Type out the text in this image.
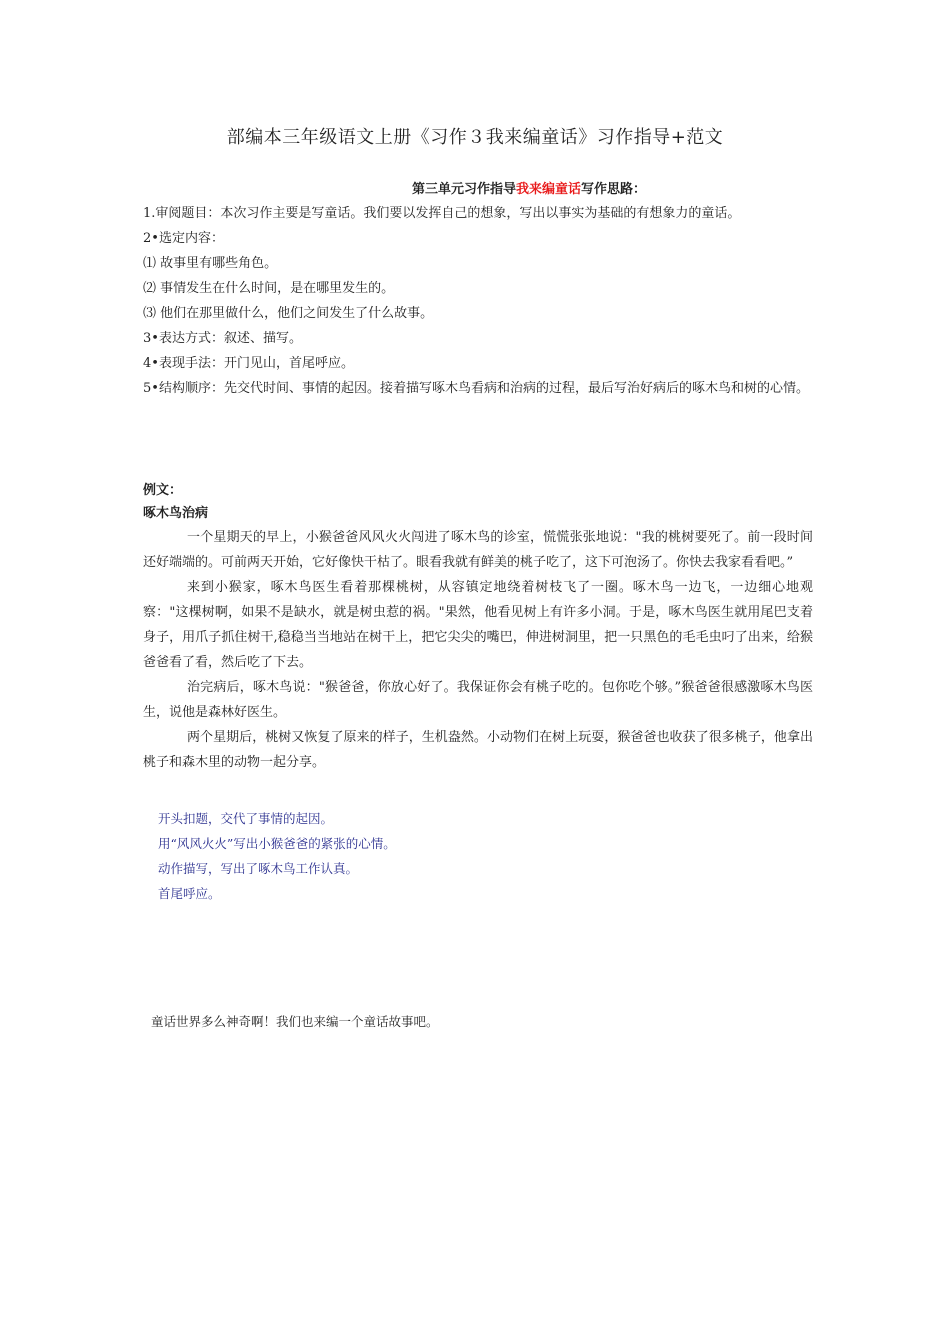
部编本三年级语文上册《习作３我来编童话》习作指导+范文
第三单元习作指导我来编童话写作思路：

1.审阅题目：本次习作主要是写童话。我们要以发挥自己的想象，写出以事实为基础的有想象力的童话。

2•选定内容：

⑴ 故事里有哪些角色。

⑵ 事情发生在什么时间，是在哪里发生的。

⑶ 他们在那里做什么，他们之间发生了什么故事。

3•表达方式：叙述、描写。

4•表现手法：开门见山，首尾呼应。

5•结构顺序：先交代时间、事情的起因。接着描写啄木鸟看病和治病的过程，最后写治好病后的啄木鸟和树的心情。

例文：
啄木鸟治病

一个星期天的早上，小猴爸爸风风火火闯进了啄木鸟的诊室，慌慌张张地说："我的桃树要死了。前一段时间还好端端的。可前两天开始，它好像快干枯了。眼看我就有鲜美的桃子吃了，这下可泡汤了。你快去我家看看吧。”

来到小猴家，啄木鸟医生看着那棵桃树，从容镇定地绕着树枝飞了一圈。啄木鸟一边飞，一边细心地观察："这棵树啊，如果不是缺水，就是树虫惹的祸。"果然，他看见树上有许多小洞。于是，啄木鸟医生就用尾巴支着身子，用爪子抓住树干,稳稳当当地站在树干上，把它尖尖的嘴巴，伸进树洞里，把一只黑色的毛毛虫叼了出来，给猴爸爸看了看，然后吃了下去。

治完病后，啄木鸟说："猴爸爸，你放心好了。我保证你会有桃子吃的。包你吃个够。”猴爸爸很感激啄木鸟医生，说他是森林好医生。

两个星期后，桃树又恢复了原来的样子，生机盎然。小动物们在树上玩耍，猴爸爸也收获了很多桃子，他拿出桃子和森木里的动物一起分享。

开头扣题，交代了事情的起因。

用“风风火火”写出小猴爸爸的紧张的心情。

动作描写，写出了啄木鸟工作认真。

首尾呼应。

童话世界多么神奇啊！我们也来编一个童话故事吧。
